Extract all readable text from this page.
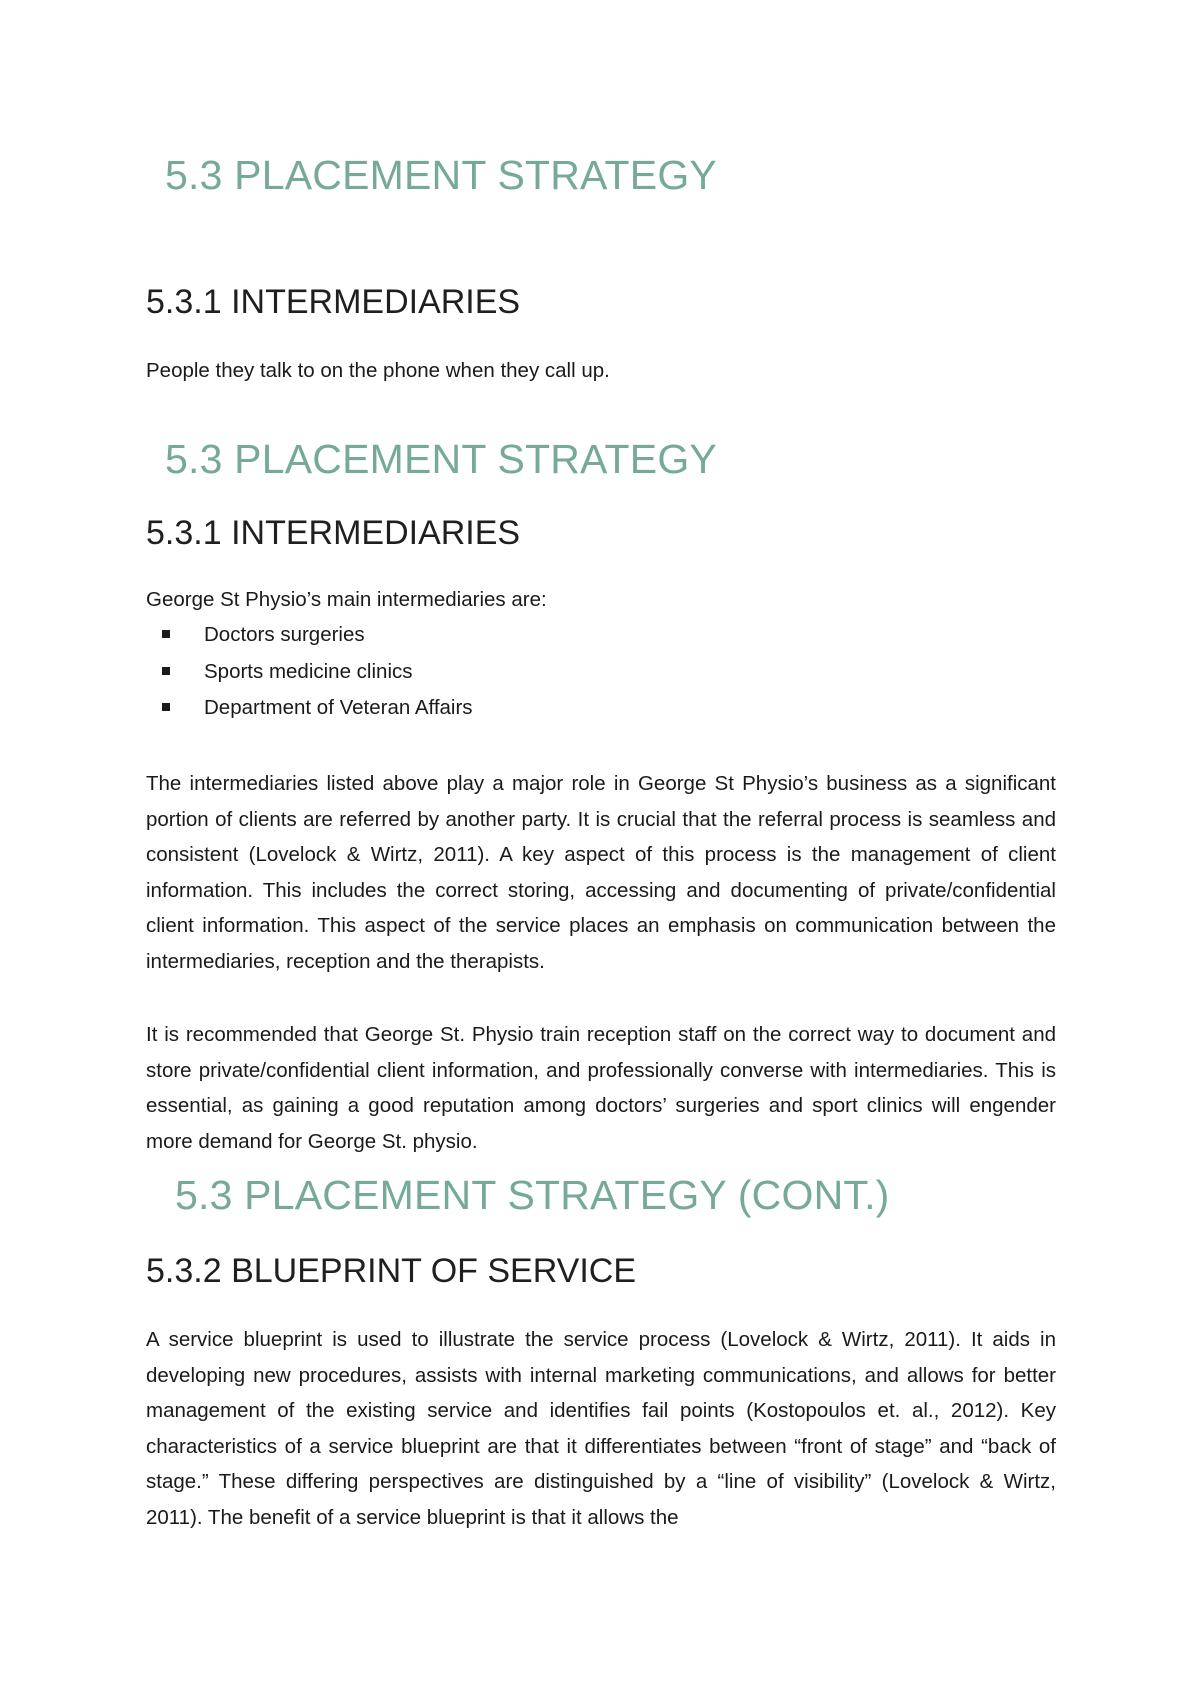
5.3 PLACEMENT STRATEGY
5.3.1 INTERMEDIARIES

People they talk to on the phone when they call up.

5.3 PLACEMENT STRATEGY
5.3.1 INTERMEDIARIES

George St Physio’s main intermediaries are:

Doctors surgeries
Sports medicine clinics
Department of Veteran Affairs

The intermediaries listed above play a major role in George St Physio’s business as a significant portion of clients are referred by another party. It is crucial that the referral process is seamless and consistent (Lovelock & Wirtz, 2011). A key aspect of this process is the management of client information. This includes the correct storing, accessing and documenting of private/confidential client information. This aspect of the service places an emphasis on communication between the intermediaries, reception and the therapists.

It is recommended that George St. Physio train reception staff on the correct way to document and store private/confidential client information, and professionally converse with intermediaries. This is essential, as gaining a good reputation among doctors’ surgeries and sport clinics will engender more demand for George St. physio.

5.3 PLACEMENT STRATEGY (CONT.)
5.3.2 BLUEPRINT OF SERVICE

A service blueprint is used to illustrate the service process (Lovelock & Wirtz, 2011). It aids in developing new procedures, assists with internal marketing communications, and allows for better management of the existing service and identifies fail points (Kostopoulos et. al., 2012). Key characteristics of a service blueprint are that it differentiates between “front of stage” and “back of stage.” These differing perspectives are distinguished by a “line of visibility” (Lovelock & Wirtz, 2011). The benefit of a service blueprint is that it allows the
